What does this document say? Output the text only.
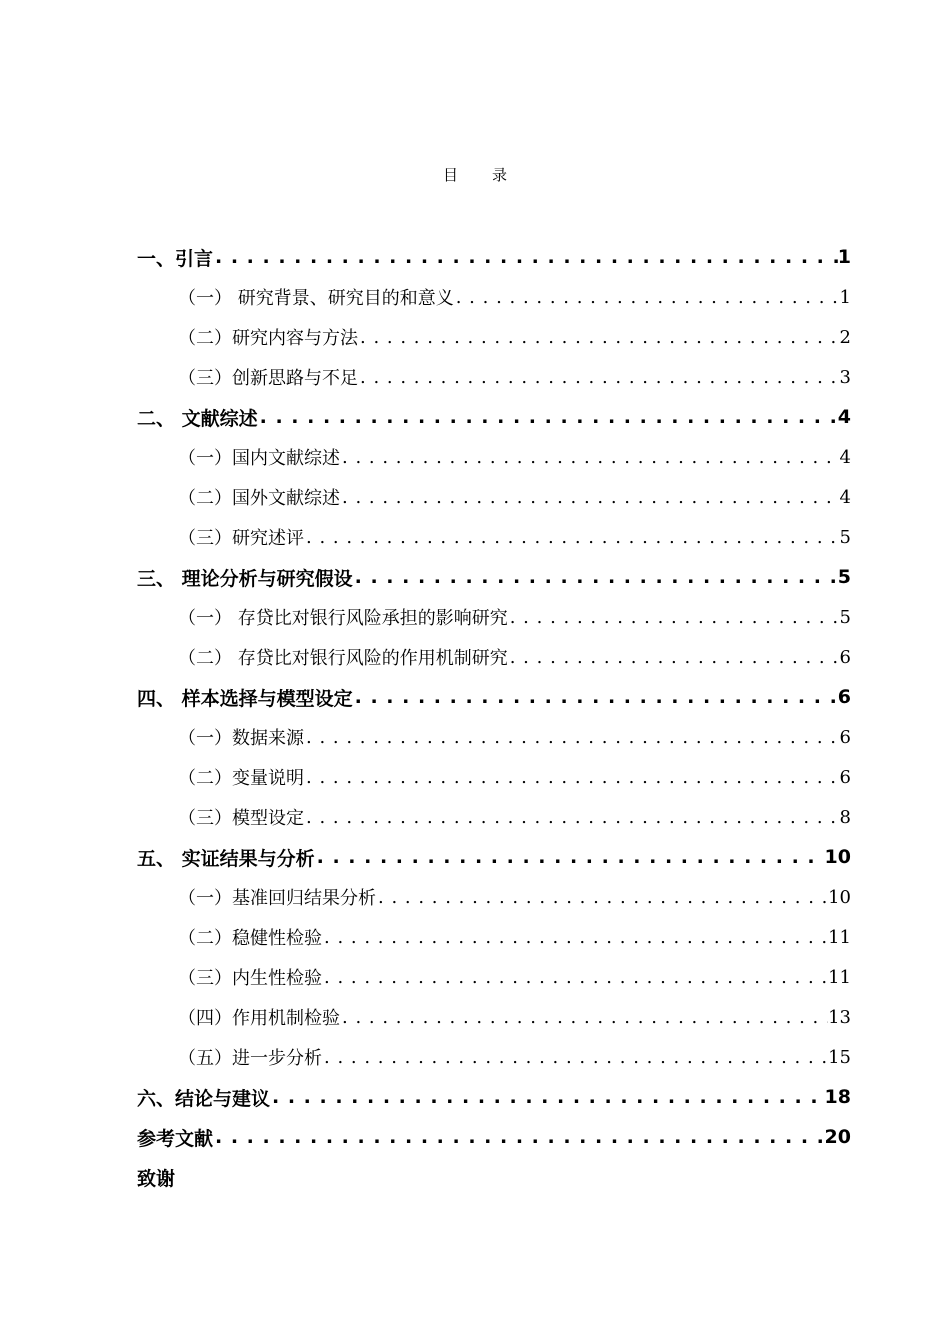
目 录
一、引言 . . .	1
（一） 研究背景、研究目的和意义 . . .	1
（二）研究内容与方法 . . .	2
（三）创新思路与不足 . . .	3
二、 文献综述 . . .	4
（一）国内文献综述 . . .	4
（二）国外文献综述 . . .	4
（三）研究述评 . . .	5
三、 理论分析与研究假设 . . .	5
（一） 存贷比对银行风险承担的影响研究 . . .	5
（二） 存贷比对银行风险的作用机制研究 . . .	6
四、 样本选择与模型设定 . . .	6
（一）数据来源 . . .	6
（二）变量说明 . . .	6
（三）模型设定 . . .	8
五、 实证结果与分析 . . .	10
（一）基准回归结果分析 . . .	10
（二）稳健性检验 . . .	11
（三）内生性检验 . . .	11
（四）作用机制检验 . . .	13
（五）进一步分析 . . .	15
六、结论与建议 . . .	18
参考文献 . . .	20
致谢
